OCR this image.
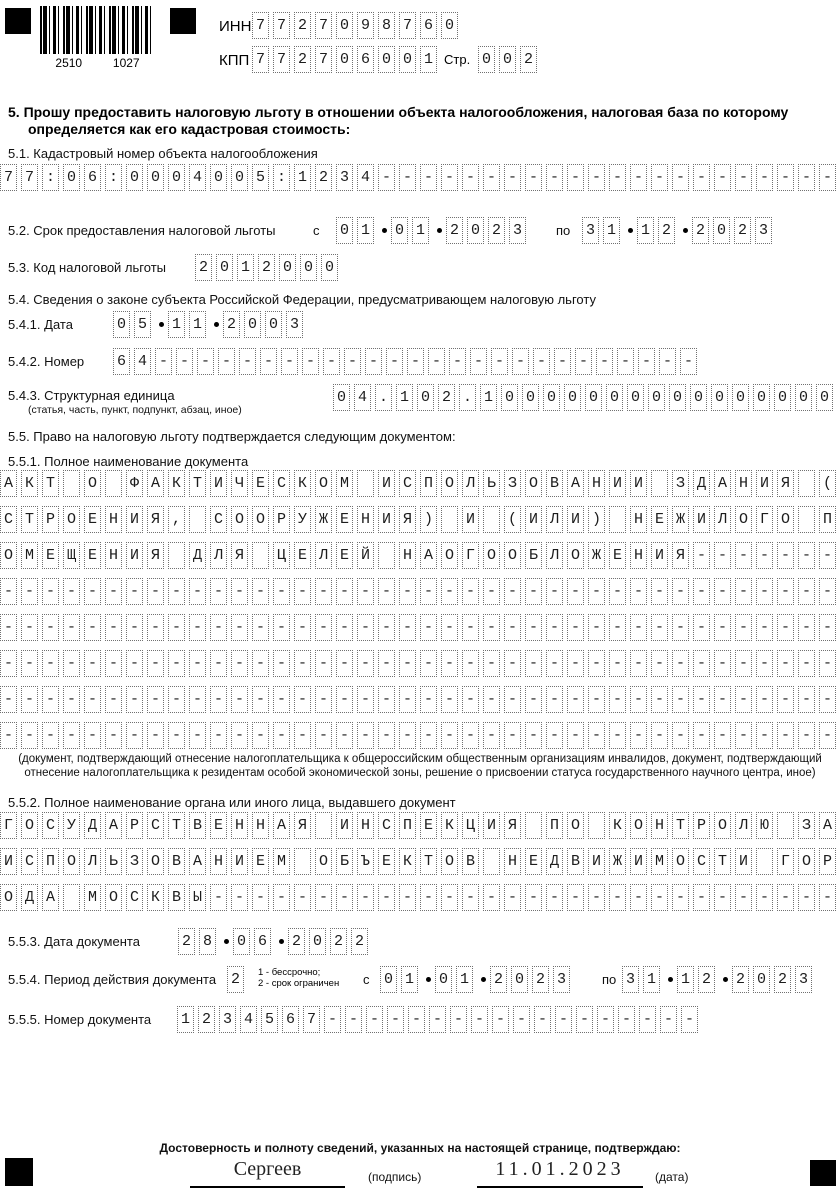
2510	1027
ИНН 7 7 2 7 0 9 8 7 6 0
КПП 7 7 2 7 0 6 0 0 1 Стр. 0 0 2
5. Прошу предоставить налоговую льготу в отношении объекта налогообложения, налоговая база по которому
определяется как его кадастровая стоимость:
5.1. Кадастровый номер объекта налогообложения
7 7 : 0 6 : 0 0 0 4 0 0 5 : 1 2 3 4 - - - - - - - - - - - - - - - - - - - - - -
5.2. Срок предоставления налоговой льготы	с 0 1 0 1 2 0 2 3	по 3 1 1 2 2 0 2 3
5.3. Код налоговой льготы 2 0 1 2 0 0 0
5.4. Сведения о законе субъекта Российской Федерации, предусматривающем налоговую льготу
5.4.1. Дата	0 5 1 1 2 0 0 3
5.4.2. Номер 6 4 - - - - - - - - - - - - - - - - - - - - - - - - - -
5.4.3. Структурная единица
(статья, часть, пункт, подпункт, абзац, иное)
0 4 . 1 0 2 . 1 0 0 0 0 0 0 0 0 0 0 0 0 0 0 0 0
5.5. Право на налоговую льготу подтверждается следующим документом:
5.5.1. Полное наименование документа
А К Т
О
Ф А К Т И Ч Е С К О М
И С П О Л Ь З О В А Н И И
З Д А Н И Я
(
С Т Р О Е Н И Я ,
С О О Р У Ж Е Н И Я )
И
( И Л И )
Н Е Ж И Л О Г О
П
О М Е Щ Е Н И Я
Д Л Я
Ц Е Л Е Й
Н А О Г О О Б Л О Ж Е Н И Я - - - - - - -
- - - - - - - - - - - - - - - - - - - - - - - - - - - - - - - - - - - - - - - -
- - - - - - - - - - - - - - - - - - - - - - - - - - - - - - - - - - - - - - - -
- - - - - - - - - - - - - - - - - - - - - - - - - - - - - - - - - - - - - - - -
- - - - - - - - - - - - - - - - - - - - - - - - - - - - - - - - - - - - - - - -
- - - - - - - - - - - - - - - - - - - - - - - - - - - - - - - - - - - - - - - -
(документ, подтверждающий отнесение налогоплательщика к общероссийским общественным организациям инвалидов, документ, подтверждающий
отнесение налогоплательщика к резидентам особой экономической зоны, решение о присвоении статуса государственного научного центра, иное)
5.5.2. Полное наименование органа или иного лица, выдавшего документ
Г О С У Д А Р С Т В Е Н Н А Я
И Н С П Е К Ц И Я
П О
К О Н Т Р О Л Ю
З А
И С П О Л Ь З О В А Н И Е М
О Б Ъ Е К Т О В
Н Е Д В И Ж И М О С Т И
Г О Р
О Д А
М О С К В Ы - - - - - - - - - - - - - - - - - - - - - - - - - - - - - -
5.5.3. Дата документа	2 8 0 6 2 0 2 2
5.5.4. Период действия документа 2	1 - бессрочно;
2 - срок ограничен с 0 1 0 1 2 0 2 3	по 3 1 1 2 2 0 2 3
5.5.5. Номер документа 1 2 3 4 5 6 7 - - - - - - - - - - - - - - - - - -
Достоверность и полноту сведений, указанных на настоящей странице, подтверждаю:
Сергеев	(подпись)	11.01.2023	(дата)
